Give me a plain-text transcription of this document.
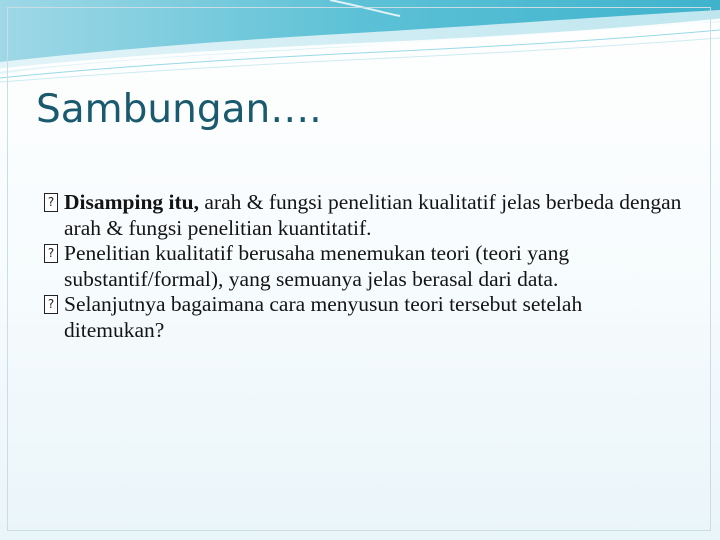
Sambungan….
? Disamping itu, arah & fungsi penelitian kualitatif jelas berbeda dengan arah & fungsi penelitian kuantitatif.
? Penelitian kualitatif berusaha menemukan teori (teori yang substantif/formal), yang semuanya jelas berasal dari data.
? Selanjutnya bagaimana cara menyusun teori tersebut setelah ditemukan?
